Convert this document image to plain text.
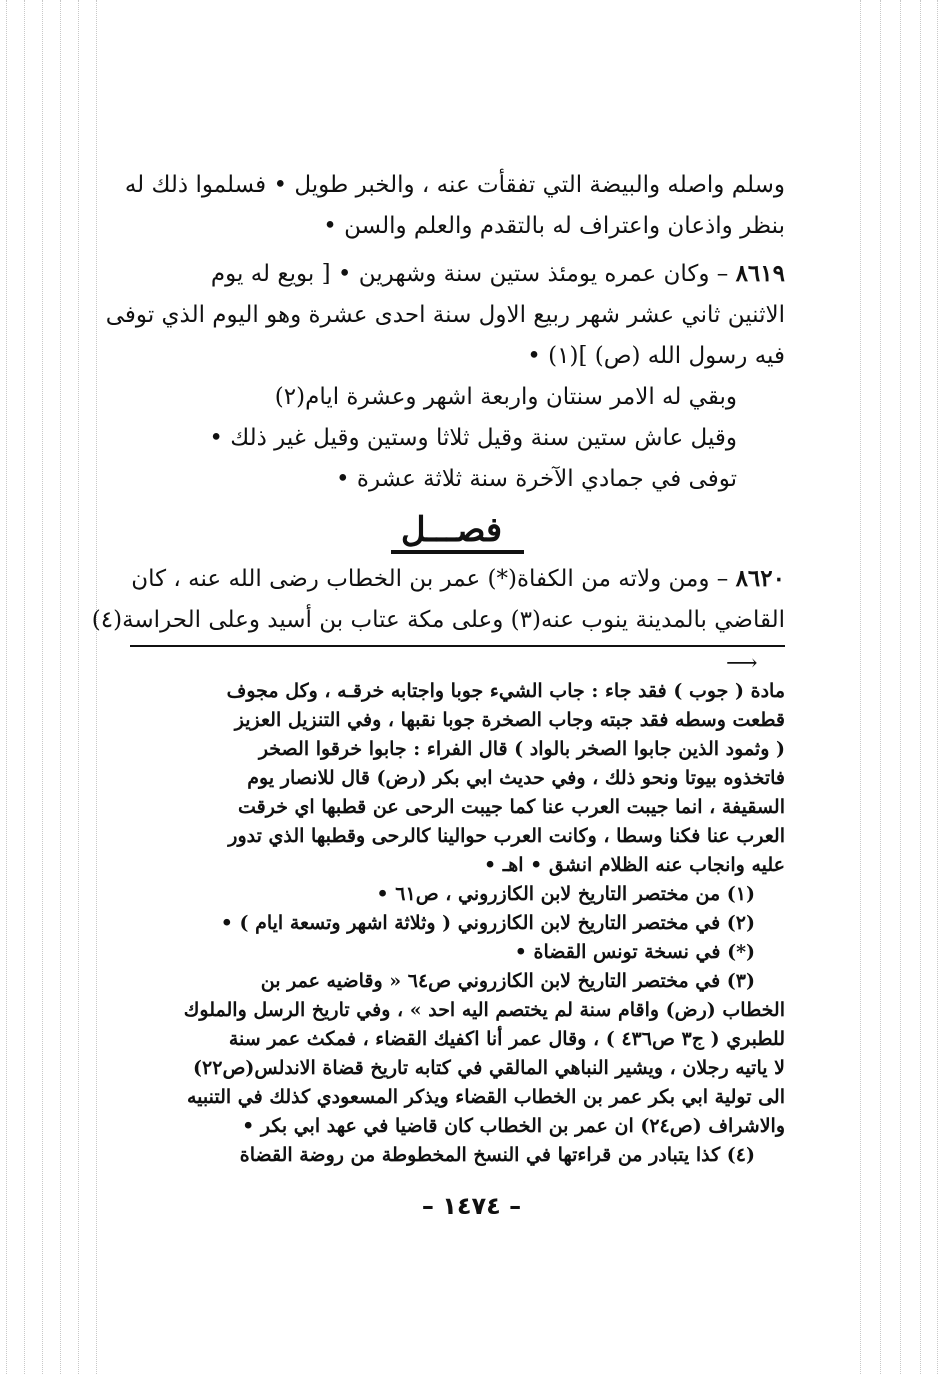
وسلم واصله والبيضة التي تفقأت عنه ، والخبر طويل • فسلموا ذلك له
بنظر واذعان واعتراف له بالتقدم والعلم والسن •
٨٦١٩ – وكان عمره يومئذ ستين سنة وشهرين • [ بويع له يوم
الاثنين ثاني عشر شهر ربيع الاول سنة احدى عشرة وهو اليوم الذي توفى
فيه رسول الله (ص) ](١) •
وبقي له الامر سنتان واربعة اشهر وعشرة ايام(٢)
وقيل عاش ستين سنة وقيل ثلاثا وستين وقيل غير ذلك •
توفى في جمادي الآخرة سنة ثلاثة عشرة •
فصـــل
٨٦٢٠ – ومن ولاته من الكفاة(*) عمر بن الخطاب رضى الله عنه ، كان
القاضي بالمدينة ينوب عنه(٣) وعلى مكة عتاب بن أسيد وعلى الحراسة(٤)
⟶
مادة ( جوب ) فقد جاء : جاب الشيء جوبا واجتابه خرقـه ، وكل مجوف
قطعت وسطه فقد جبته وجاب الصخرة جوبا نقبها ، وفي التنزيل العزيز
( وثمود الذين جابوا الصخر بالواد ) قال الفراء : جابوا خرقوا الصخر
فاتخذوه بيوتا ونحو ذلك ، وفي حديث ابي بكر (رض) قال للانصار يوم
السقيفة ، انما جيبت العرب عنا كما جيبت الرحى عن قطبها اي خرقت
العرب عنا فكنا وسطا ، وكانت العرب حوالينا كالرحى وقطبها الذي تدور
عليه وانجاب عنه الظلام انشق • اهـ •
(١) من مختصر التاريخ لابن الكازروني ، ص٦١ •
(٢) في مختصر التاريخ لابن الكازروني ( وثلاثة اشهر وتسعة ايام ) •
(*) في نسخة تونس القضاة •
(٣) في مختصر التاريخ لابن الكازروني ص٦٤ « وقاضيه عمر بن
الخطاب (رض) واقام سنة لم يختصم اليه احد » ، وفي تاريخ الرسل والملوك
للطبري ( ج٣ ص٤٣٦ ) ، وقال عمر أنا اكفيك القضاء ، فمكث عمر سنة
لا ياتيه رجلان ، ويشير النباهي المالقي في كتابه تاريخ قضاة الاندلس(ص٢٢)
الى تولية ابي بكر عمر بن الخطاب القضاء ويذكر المسعودي كذلك في التنبيه
والاشراف (ص٢٤) ان عمر بن الخطاب كان قاضيا في عهد ابي بكر •
(٤) كذا يتبادر من قراءتها في النسخ المخطوطة من روضة القضاة
– ١٤٧٤ –
